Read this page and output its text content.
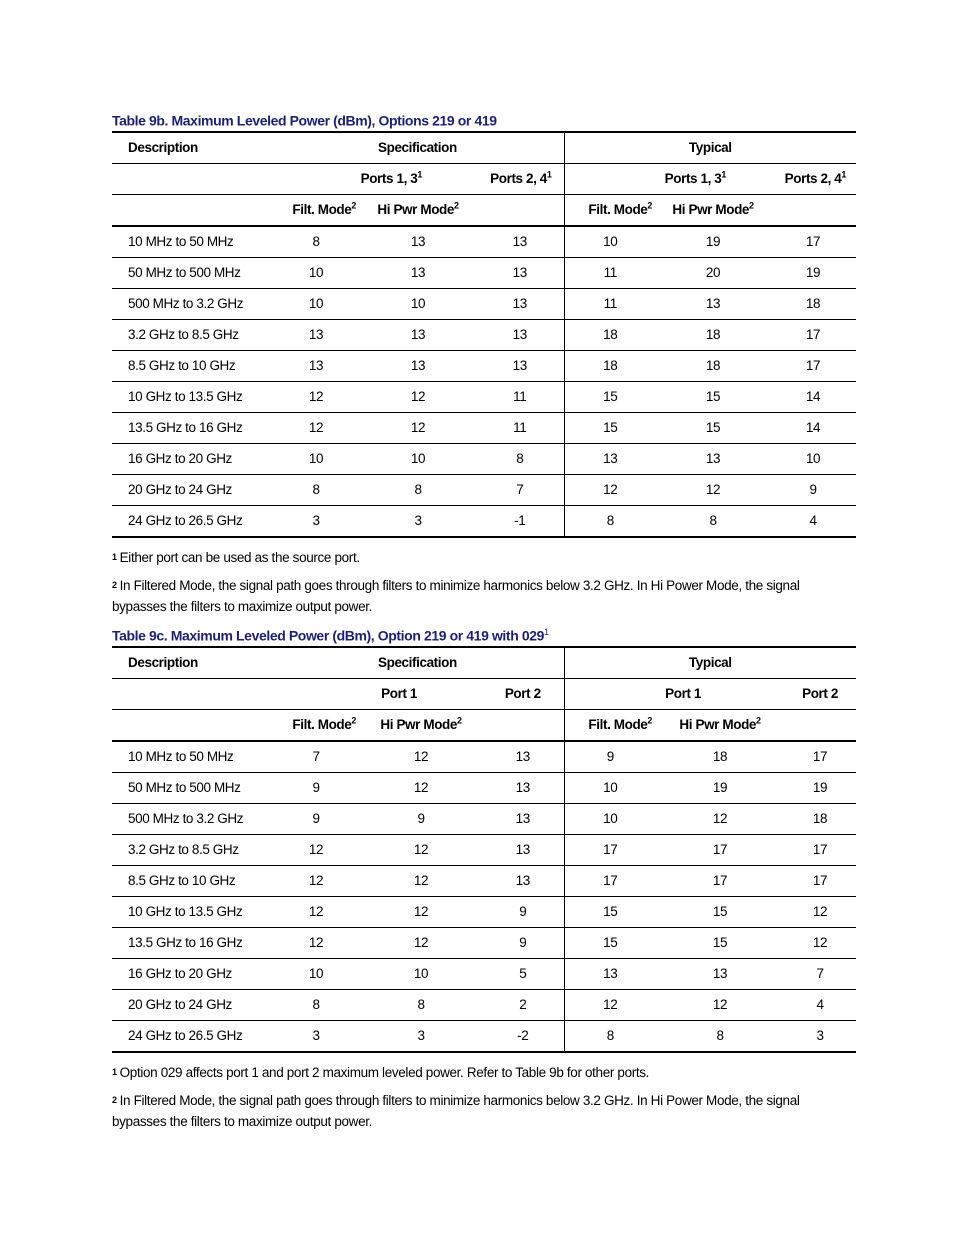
Table 9b. Maximum Leveled Power (dBm), Options 219 or 419
Description	Specification			Typical		
	Ports 1, $3^1$		Ports 2, $4^1$	Ports 1, $3^1$		Ports 2, $4^1$
	Filt. Mode$^2$	Hi Pwr Mode$^2$		Filt. Mode$^2$	Hi Pwr Mode$^2$	
10 MHz to 50 MHz	8	13	13	10	19	17
50 MHz to 500 MHz	10	13	13	11	20	19
500 MHz to 3.2 GHz	10	10	13	11	13	18
3.2 GHz to 8.5 GHz	13	13	13	18	18	17
8.5 GHz to 10 GHz	13	13	13	18	18	17
10 GHz to 13.5 GHz	12	12	11	15	15	14
13.5 GHz to 16 GHz	12	12	11	15	15	14
16 GHz to 20 GHz	10	10	8	13	13	10
20 GHz to 24 GHz	8	8	7	12	12	9
24 GHz to 26.5 GHz	3	3	-1	8	8	4
1 Either port can be used as the source port.
2 In Filtered Mode, the signal path goes through filters to minimize harmonics below 3.2 GHz. In Hi Power Mode, the signal bypasses the filters to maximize output power.
Table 9c. Maximum Leveled Power (dBm), Option 219 or 419 with $029^1$
Description	Specification			Typical		
	Port 1		Port 2	Port 1		Port 2
	Filt. Mode$^2$	Hi Pwr Mode$^2$		Filt. Mode$^2$	Hi Pwr Mode$^2$	
10 MHz to 50 MHz	7	12	13	9	18	17
50 MHz to 500 MHz	9	12	13	10	19	19
500 MHz to 3.2 GHz	9	9	13	10	12	18
3.2 GHz to 8.5 GHz	12	12	13	17	17	17
8.5 GHz to 10 GHz	12	12	13	17	17	17
10 GHz to 13.5 GHz	12	12	9	15	15	12
13.5 GHz to 16 GHz	12	12	9	15	15	12
16 GHz to 20 GHz	10	10	5	13	13	7
20 GHz to 24 GHz	8	8	2	12	12	4
24 GHz to 26.5 GHz	3	3	-2	8	8	3
1 Option 029 affects port 1 and port 2 maximum leveled power. Refer to Table 9b for other ports.
2 In Filtered Mode, the signal path goes through filters to minimize harmonics below 3.2 GHz. In Hi Power Mode, the signal bypasses the filters to maximize output power.
